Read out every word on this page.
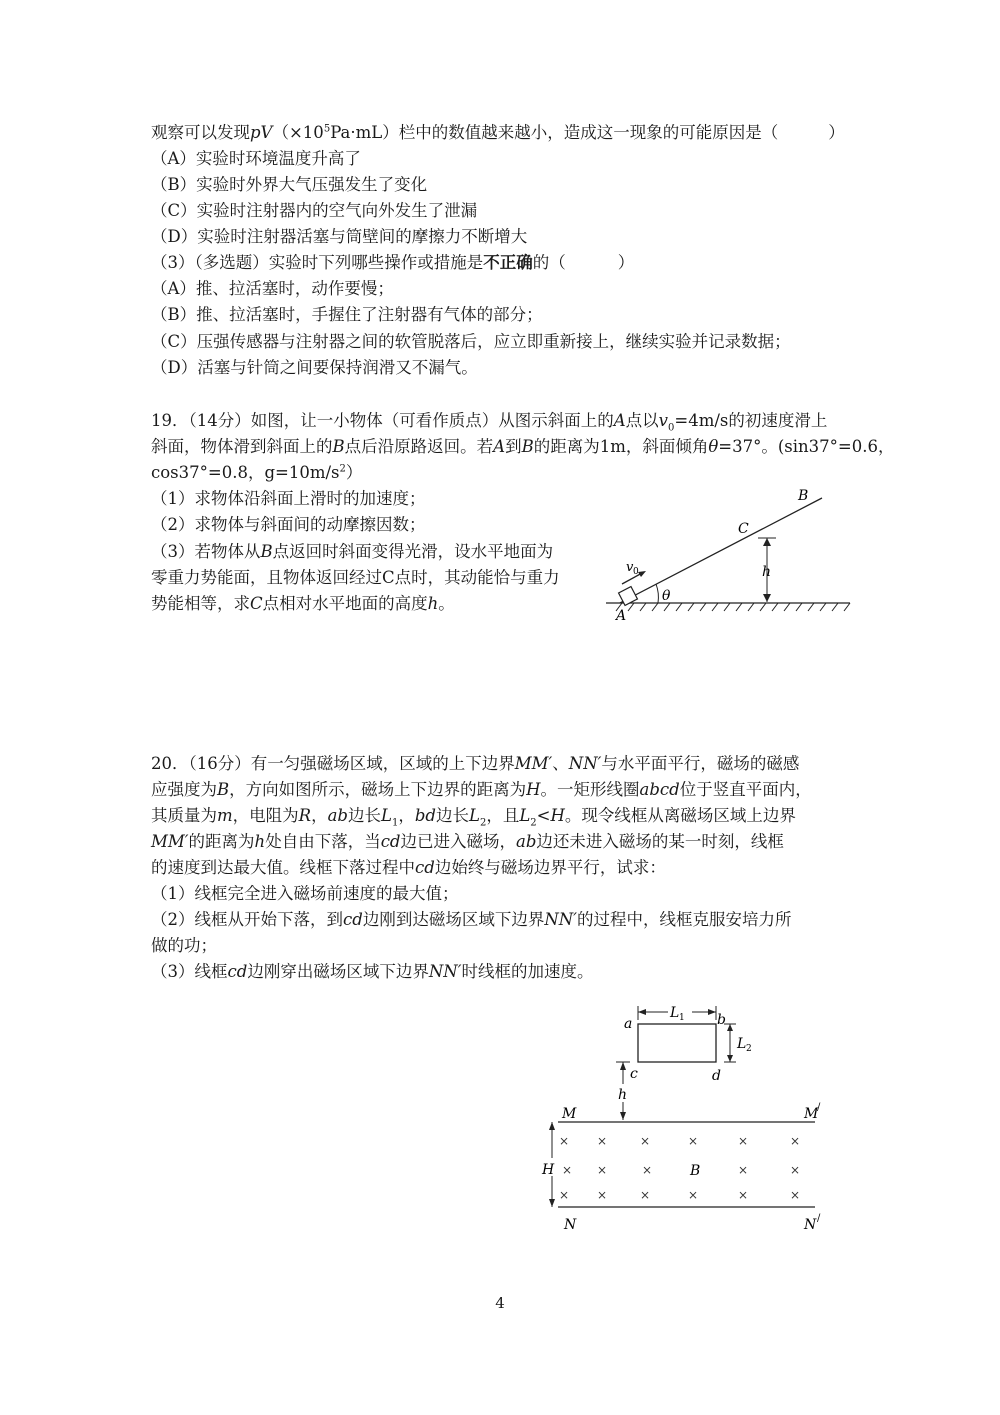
观察可以发现$pV(\times 10^5Pa\cdot mL)$栏中的数值越来越小，造成这一现象的可能原因是（	）
（A）实验时环境温度升高了
（B）实验时外界大气压强发生了变化
（C）实验时注射器内的空气向外发生了泄漏
（D）实验时注射器活塞与筒壁间的摩擦力不断增大
（3）（多选题）实验时下列哪些操作或措施是不正确的（	）
（A）推、拉活塞时，动作要慢；
（B）推、拉活塞时，手握住了注射器有气体的部分；
（C）压强传感器与注射器之间的软管脱落后，应立即重新接上，继续实验并记录数据；
（D）活塞与针筒之间要保持润滑又不漏气。
19．（14分）如图，让一小物体（可看作质点）从图示斜面上的A点以$v_0=4m/s$的初速度滑上
斜面，物体滑到斜面上的B点后沿原路返回。若A到B的距离为1m，斜面倾角θ=37°。(sin37°=0.6，
cos37°=0.8，$g=10m/s^2$）
（1）求物体沿斜面上滑时的加速度；
（2）求物体与斜面间的动摩擦因数；
（3）若物体从B点返回时斜面变得光滑，设水平地面为
零重力势能面，且物体返回经过C点时，其动能恰与重力
势能相等，求C点相对水平地面的高度h。
v 0
θ
A
B
C
h
20．（16分）有一匀强磁场区域，区域的上下边界MM′、NN′与水平面平行，磁场的磁感
应强度为B，方向如图所示，磁场上下边界的距离为H。一矩形线圈abcd位于竖直平面内，
其质量为m，电阻为R，ab边长$L_1$，bd边长$L_2$，且$L_2<H$。现令线框从离磁场区域上边界
MM′的距离为h处自由下落，当cd边已进入磁场，ab边还未进入磁场的某一时刻，线框
的速度到达最大值。线框下落过程中cd边始终与磁场边界平行，试求：
（1）线框完全进入磁场前速度的最大值；
（2）线框从开始下落，到cd边刚到达磁场区域下边界NN′的过程中，线框克服安培力所
做的功；
（3）线框cd边刚穿出磁场区域下边界NN′时线框的加速度。
a	b
c	d
L 1
L 2
h
M	M
/
N	N /
H
× ×	×	×	×	×
× ×	×	×	×
× ×	×	×	×	×
B
4
